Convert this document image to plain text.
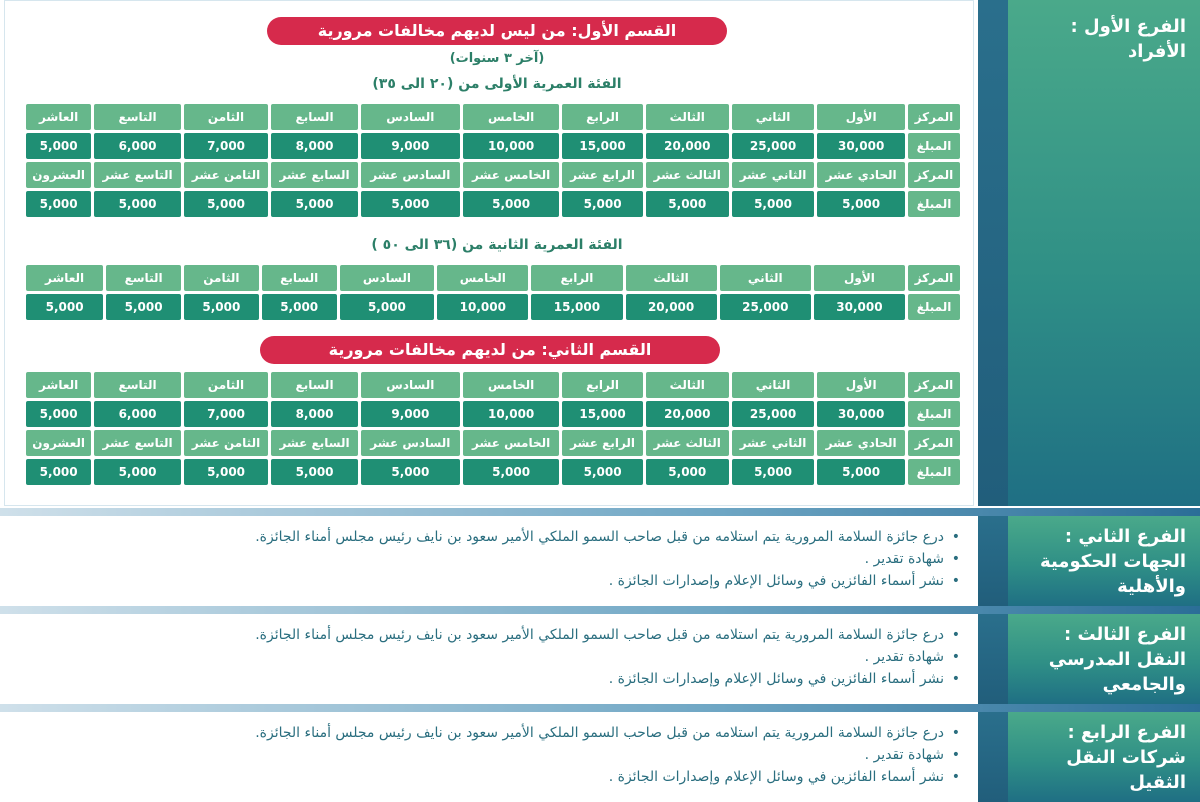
الفرع الأول :
الأفراد
القسم الأول: من ليس لديهم مخالفات مرورية
(آخر ٣ سنوات)
الفئة العمرية الأولى من (٢٠ الى ٣٥)
المركز	الأول	الثاني	الثالث	الرابع	الخامس	السادس	السابع	الثامن	التاسع	العاشر
المبلغ	30,000	25,000	20,000	15,000	10,000	9,000	8,000	7,000	6,000	5,000
المركز	الحادي عشر	الثاني عشر	الثالث عشر	الرابع عشر	الخامس عشر	السادس عشر	السابع عشر	الثامن عشر	التاسع عشر	العشرون
المبلغ	5,000	5,000	5,000	5,000	5,000	5,000	5,000	5,000	5,000	5,000
الفئة العمرية الثانية من (٣٦ الى ٥٠ )
المركز	الأول	الثاني	الثالث	الرابع	الخامس	السادس	السابع	الثامن	التاسع	العاشر
المبلغ	30,000	25,000	20,000	15,000	10,000	5,000	5,000	5,000	5,000	5,000
القسم الثاني: من لديهم مخالفات مرورية
المركز	الأول	الثاني	الثالث	الرابع	الخامس	السادس	السابع	الثامن	التاسع	العاشر
المبلغ	30,000	25,000	20,000	15,000	10,000	9,000	8,000	7,000	6,000	5,000
المركز	الحادي عشر	الثاني عشر	الثالث عشر	الرابع عشر	الخامس عشر	السادس عشر	السابع عشر	الثامن عشر	التاسع عشر	العشرون
المبلغ	5,000	5,000	5,000	5,000	5,000	5,000	5,000	5,000	5,000	5,000
الفرع الثاني :
الجهات الحكومية
والأهلية
• درع جائزة السلامة المرورية يتم استلامه من قبل صاحب السمو الملكي الأمير سعود بن نايف رئيس مجلس أمناء الجائزة.
• شهادة تقدير .
• نشر أسماء الفائزين في وسائل الإعلام وإصدارات الجائزة .
الفرع الثالث :
النقل المدرسي
والجامعي
• درع جائزة السلامة المرورية يتم استلامه من قبل صاحب السمو الملكي الأمير سعود بن نايف رئيس مجلس أمناء الجائزة.
• شهادة تقدير .
• نشر أسماء الفائزين في وسائل الإعلام وإصدارات الجائزة .
الفرع الرابع :
شركات النقل
الثقيل
• درع جائزة السلامة المرورية يتم استلامه من قبل صاحب السمو الملكي الأمير سعود بن نايف رئيس مجلس أمناء الجائزة.
• شهادة تقدير .
• نشر أسماء الفائزين في وسائل الإعلام وإصدارات الجائزة .
